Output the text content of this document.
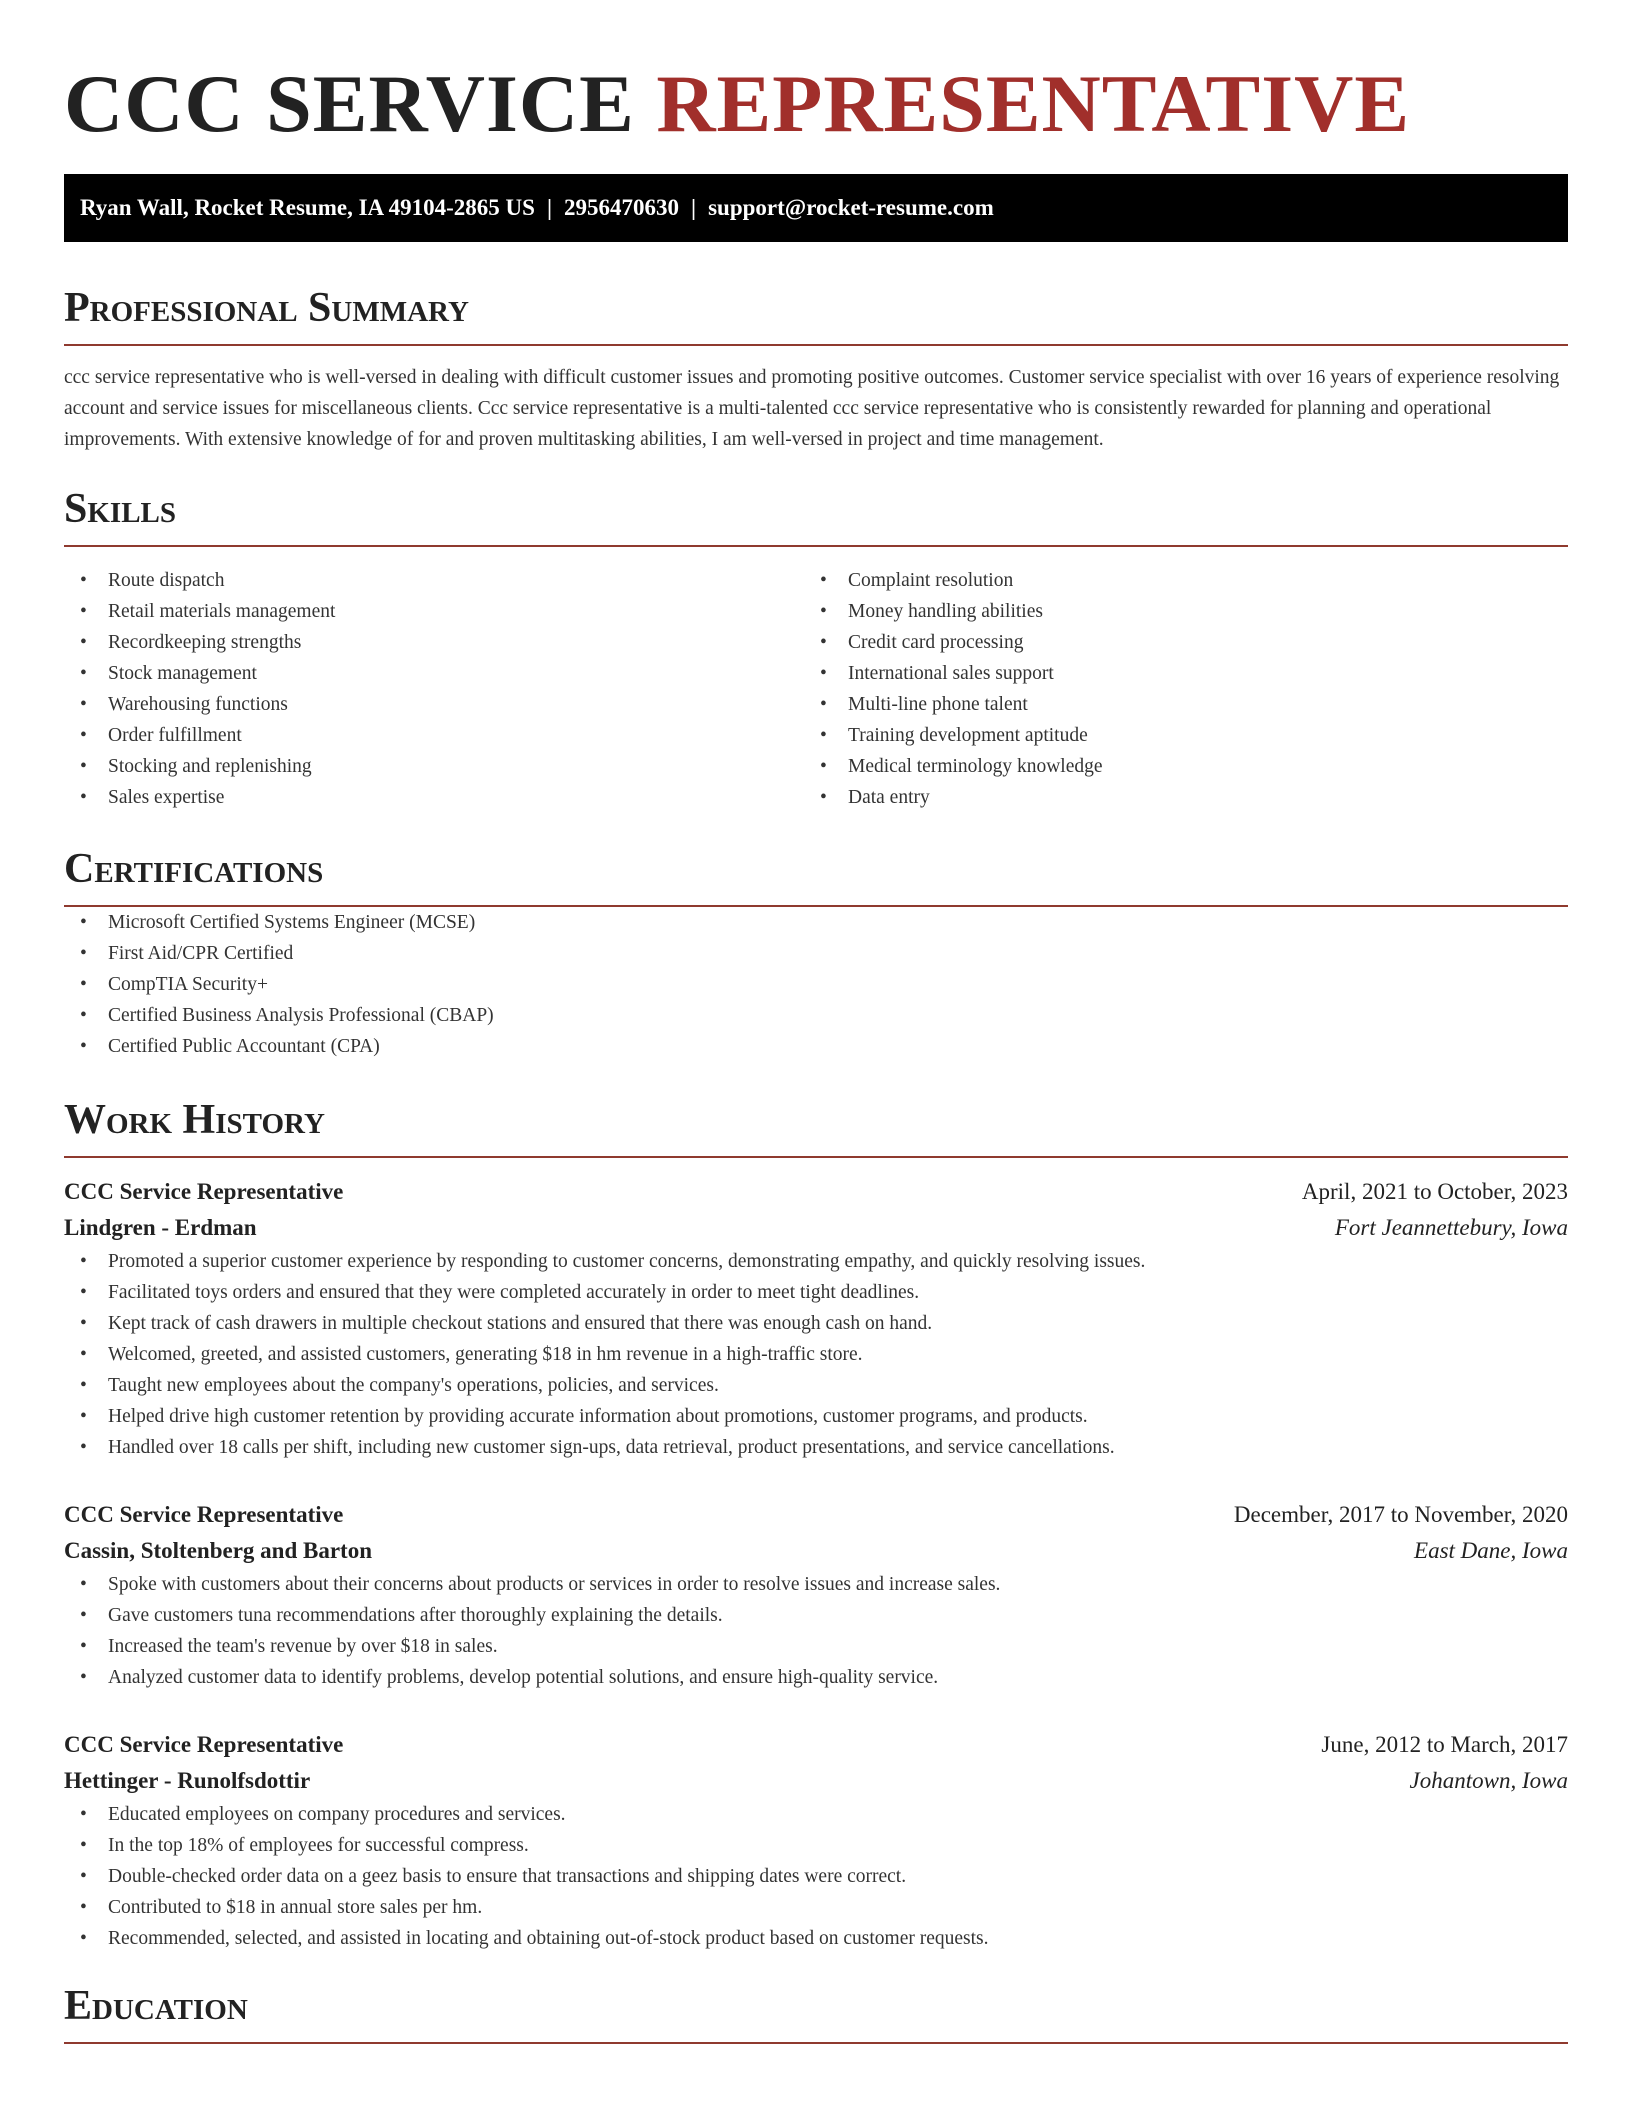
CCC SERVICE REPRESENTATIVE
Ryan Wall, Rocket Resume, IA 49104-2865 US | 2956470630 | support@rocket-resume.com
Professional Summary

ccc service representative who is well-versed in dealing with difficult customer issues and promoting positive outcomes. Customer service specialist with over 16 years of experience resolving account and service issues for miscellaneous clients. Ccc service representative is a multi-talented ccc service representative who is consistently rewarded for planning and operational improvements. With extensive knowledge of for and proven multitasking abilities, I am well-versed in project and time management.

Skills
• Route dispatch
• Retail materials management
• Recordkeeping strengths
• Stock management
• Warehousing functions
• Order fulfillment
• Stocking and replenishing
• Sales expertise
• Complaint resolution
• Money handling abilities
• Credit card processing
• International sales support
• Multi-line phone talent
• Training development aptitude
• Medical terminology knowledge
• Data entry
Certifications
• Microsoft Certified Systems Engineer (MCSE)
• First Aid/CPR Certified
• CompTIA Security+
• Certified Business Analysis Professional (CBAP)
• Certified Public Accountant (CPA)
Work History
CCC Service Representative	April, 2021 to October, 2023
Lindgren - Erdman	Fort Jeannettebury, Iowa
• Promoted a superior customer experience by responding to customer concerns, demonstrating empathy, and quickly resolving issues.
• Facilitated toys orders and ensured that they were completed accurately in order to meet tight deadlines.
• Kept track of cash drawers in multiple checkout stations and ensured that there was enough cash on hand.
• Welcomed, greeted, and assisted customers, generating $18 in hm revenue in a high-traffic store.
• Taught new employees about the company's operations, policies, and services.
• Helped drive high customer retention by providing accurate information about promotions, customer programs, and products.
• Handled over 18 calls per shift, including new customer sign-ups, data retrieval, product presentations, and service cancellations.
CCC Service Representative	December, 2017 to November, 2020
Cassin, Stoltenberg and Barton	East Dane, Iowa
• Spoke with customers about their concerns about products or services in order to resolve issues and increase sales.
• Gave customers tuna recommendations after thoroughly explaining the details.
• Increased the team's revenue by over $18 in sales.
• Analyzed customer data to identify problems, develop potential solutions, and ensure high-quality service.
CCC Service Representative	June, 2012 to March, 2017
Hettinger - Runolfsdottir	Johantown, Iowa
• Educated employees on company procedures and services.
• In the top 18% of employees for successful compress.
• Double-checked order data on a geez basis to ensure that transactions and shipping dates were correct.
• Contributed to $18 in annual store sales per hm.
• Recommended, selected, and assisted in locating and obtaining out-of-stock product based on customer requests.
Education
